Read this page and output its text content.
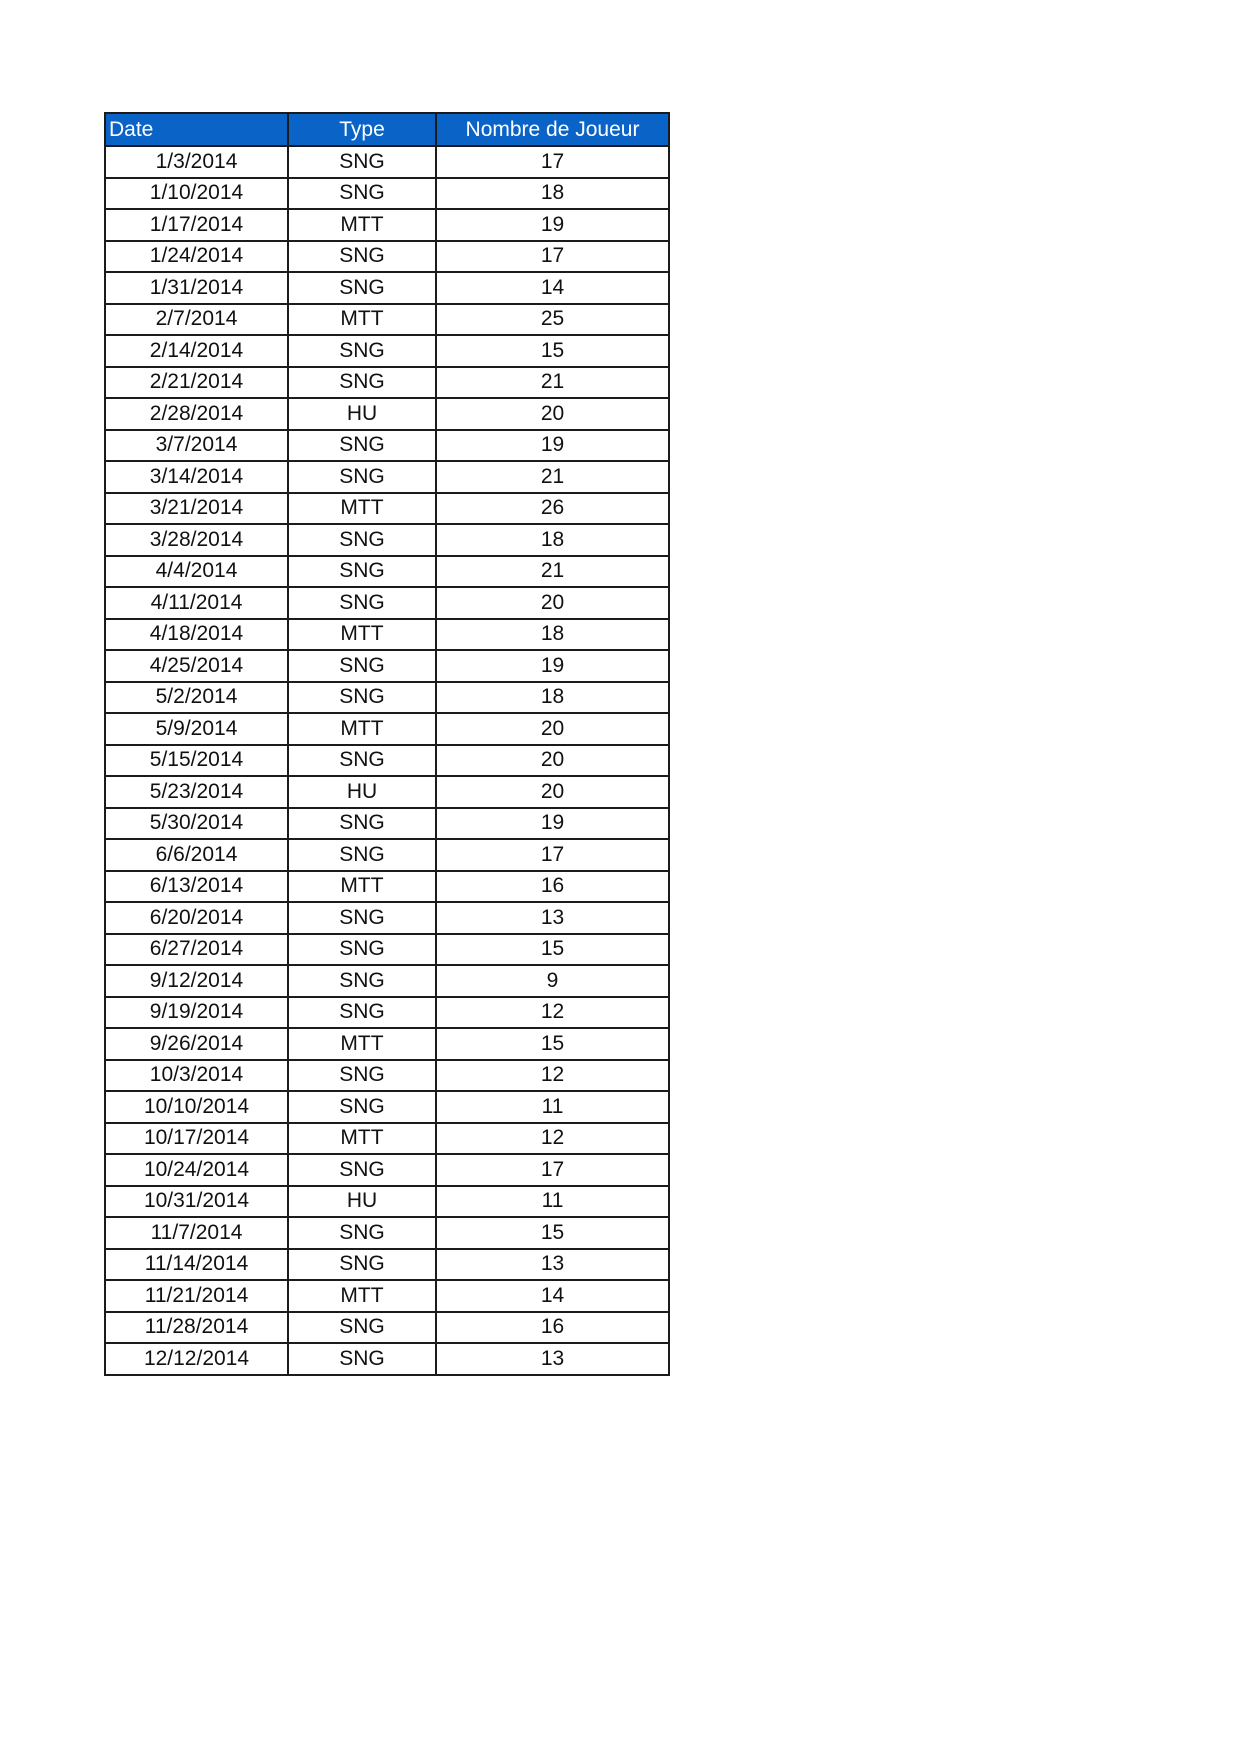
Date	Type	Nombre de Joueur
1/3/2014	SNG	17
1/10/2014	SNG	18
1/17/2014	MTT	19
1/24/2014	SNG	17
1/31/2014	SNG	14
2/7/2014	MTT	25
2/14/2014	SNG	15
2/21/2014	SNG	21
2/28/2014	HU	20
3/7/2014	SNG	19
3/14/2014	SNG	21
3/21/2014	MTT	26
3/28/2014	SNG	18
4/4/2014	SNG	21
4/11/2014	SNG	20
4/18/2014	MTT	18
4/25/2014	SNG	19
5/2/2014	SNG	18
5/9/2014	MTT	20
5/15/2014	SNG	20
5/23/2014	HU	20
5/30/2014	SNG	19
6/6/2014	SNG	17
6/13/2014	MTT	16
6/20/2014	SNG	13
6/27/2014	SNG	15
9/12/2014	SNG	9
9/19/2014	SNG	12
9/26/2014	MTT	15
10/3/2014	SNG	12
10/10/2014	SNG	11
10/17/2014	MTT	12
10/24/2014	SNG	17
10/31/2014	HU	11
11/7/2014	SNG	15
11/14/2014	SNG	13
11/21/2014	MTT	14
11/28/2014	SNG	16
12/12/2014	SNG	13
